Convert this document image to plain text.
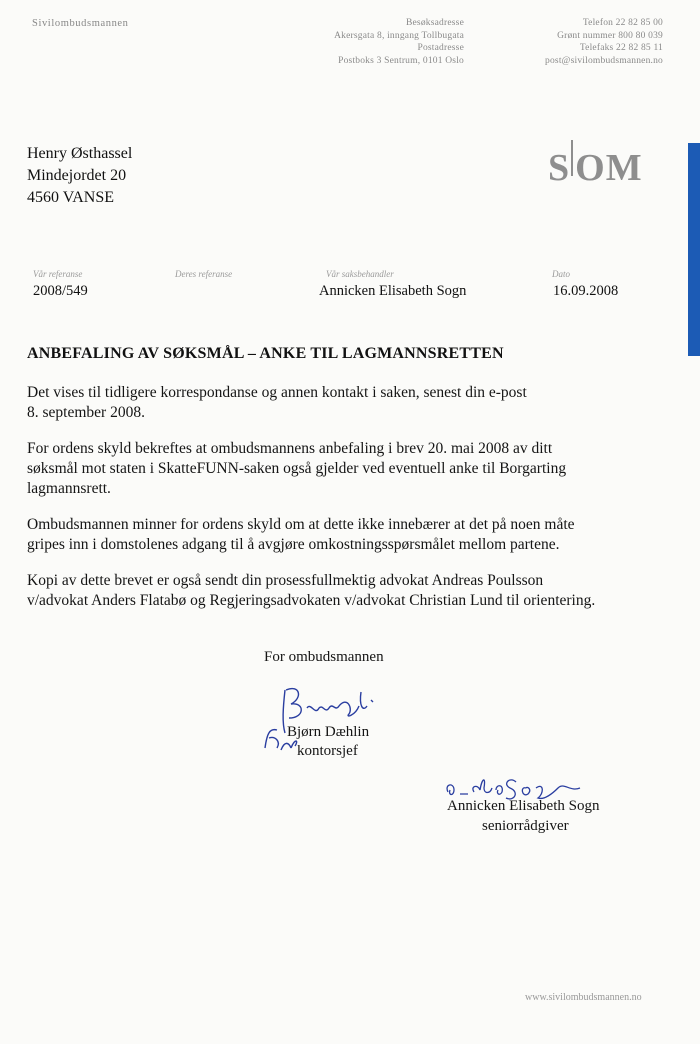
Sivilombudsmannen	Besøksadresse
Akersgata 8, inngang Tollbugata
Postadresse
Postboks 3 Sentrum, 0101 Oslo
Telefon 22 82 85 00
Grønt nummer 800 80 039
Telefaks 22 82 85 11
post@sivilombudsmannen.no
Henry Østhassel
Mindejordet 20
4560 VANSE
S OM
Vår referanse
2008/549
Deres referanse	Vår saksbehandler
Annicken Elisabeth Sogn
Dato
16.09.2008
ANBEFALING AV SØKSMÅL – ANKE TIL LAGMANNSRETTEN
Det vises til tidligere korrespondanse og annen kontakt i saken, senest din e-post
8. september 2008.
For ordens skyld bekreftes at ombudsmannens anbefaling i brev 20. mai 2008 av ditt
søksmål mot staten i SkatteFUNN-saken også gjelder ved eventuell anke til Borgarting
lagmannsrett.
Ombudsmannen minner for ordens skyld om at dette ikke innebærer at det på noen måte
gripes inn i domstolenes adgang til å avgjøre omkostningsspørsmålet mellom partene.
Kopi av dette brevet er også sendt din prosessfullmektig advokat Andreas Poulsson
v/advokat Anders Flatabø og Regjeringsadvokaten v/advokat Christian Lund til orientering.
For ombudsmannen
Bjørn Dæhlin
kontorsjef
Annicken Elisabeth Sogn
seniorrådgiver
www.sivilombudsmannen.no
